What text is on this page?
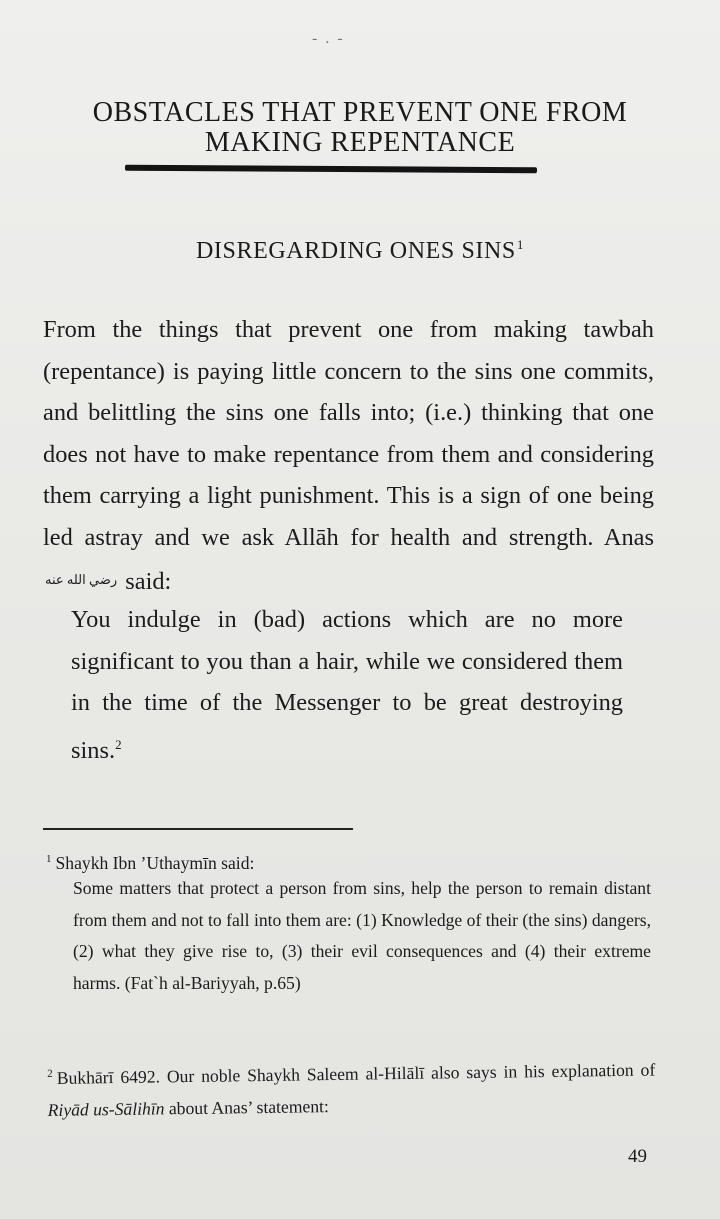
- . -
OBSTACLES THAT PREVENT ONE FROM
MAKING REPENTANCE
DISREGARDING ONES SINS$^1$

From the things that prevent one from making tawbah (repentance) is paying little concern to the sins one commits, and belittling the sins one falls into; (i.e.) thinking that one does not have to make repentance from them and considering them carrying a light punishment. This is a sign of one being led astray and we ask Allāh for health and strength. Anas رضي الله عنه said:

You indulge in (bad) actions which are no more significant to you than a hair, while we considered them in the time of the Messenger to be great destroying sins.$^2$

$^1$ Shaykh Ibn ’Uthaymīn said:

Some matters that protect a person from sins, help the person to remain distant from them and not to fall into them are: (1) Knowledge of their (the sins) dangers, (2) what they give rise to, (3) their evil consequences and (4) their extreme harms. (Fat`h al-Bariyyah, p.65)

$^2$ Bukhārī 6492. Our noble Shaykh Saleem al-Hilālī also says in his explanation of Riyād us-Sālihīn about Anas’ statement:

49
